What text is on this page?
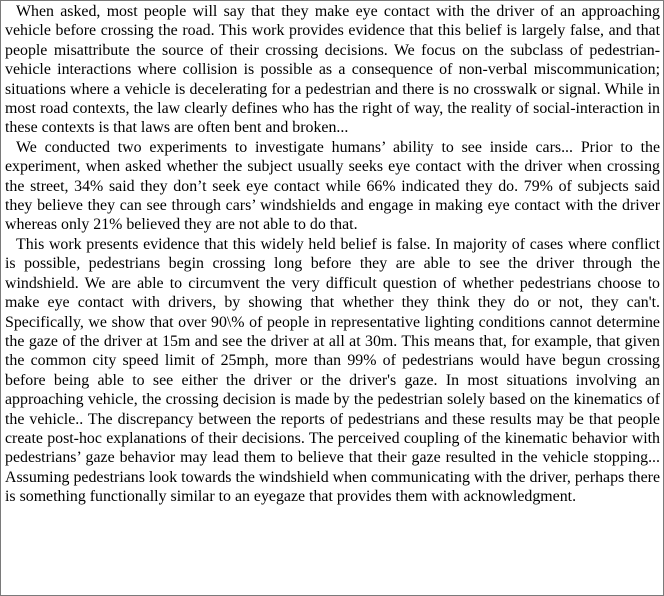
When asked, most people will say that they make eye contact with the driver of an approaching vehicle before crossing the road. This work provides evidence that this belief is largely false, and that people misattribute the source of their crossing decisions. We focus on the subclass of pedestrian-vehicle interactions where collision is possible as a consequence of non-verbal miscommunication; situations where a vehicle is decelerating for a pedestrian and there is no crosswalk or signal. While in most road contexts, the law clearly defines who has the right of way, the reality of social-interaction in these contexts is that laws are often bent and broken...

We conducted two experiments to investigate humans’ ability to see inside cars... Prior to the experiment, when asked whether the subject usually seeks eye contact with the driver when crossing the street, 34% said they don’t seek eye contact while 66% indicated they do. 79% of subjects said they believe they can see through cars’ windshields and engage in making eye contact with the driver whereas only 21% believed they are not able to do that.

This work presents evidence that this widely held belief is false. In majority of cases where conflict is possible, pedestrians begin crossing long before they are able to see the driver through the windshield. We are able to circumvent the very difficult question of whether pedestrians choose to make eye contact with drivers, by showing that whether they think they do or not, they can't. Specifically, we show that over 90\% of people in representative lighting conditions cannot determine the gaze of the driver at 15m and see the driver at all at 30m. This means that, for example, that given the common city speed limit of 25mph, more than 99% of pedestrians would have begun crossing before being able to see either the driver or the driver's gaze. In most situations involving an approaching vehicle, the crossing decision is made by the pedestrian solely based on the kinematics of the vehicle.. The discrepancy between the reports of pedestrians and these results may be that people create post-hoc explanations of their decisions. The perceived coupling of the kinematic behavior with pedestrians’ gaze behavior may lead them to believe that their gaze resulted in the vehicle stopping... Assuming pedestrians look towards the windshield when communicating with the driver, perhaps there is something functionally similar to an eyegaze that provides them with acknowledgment.
